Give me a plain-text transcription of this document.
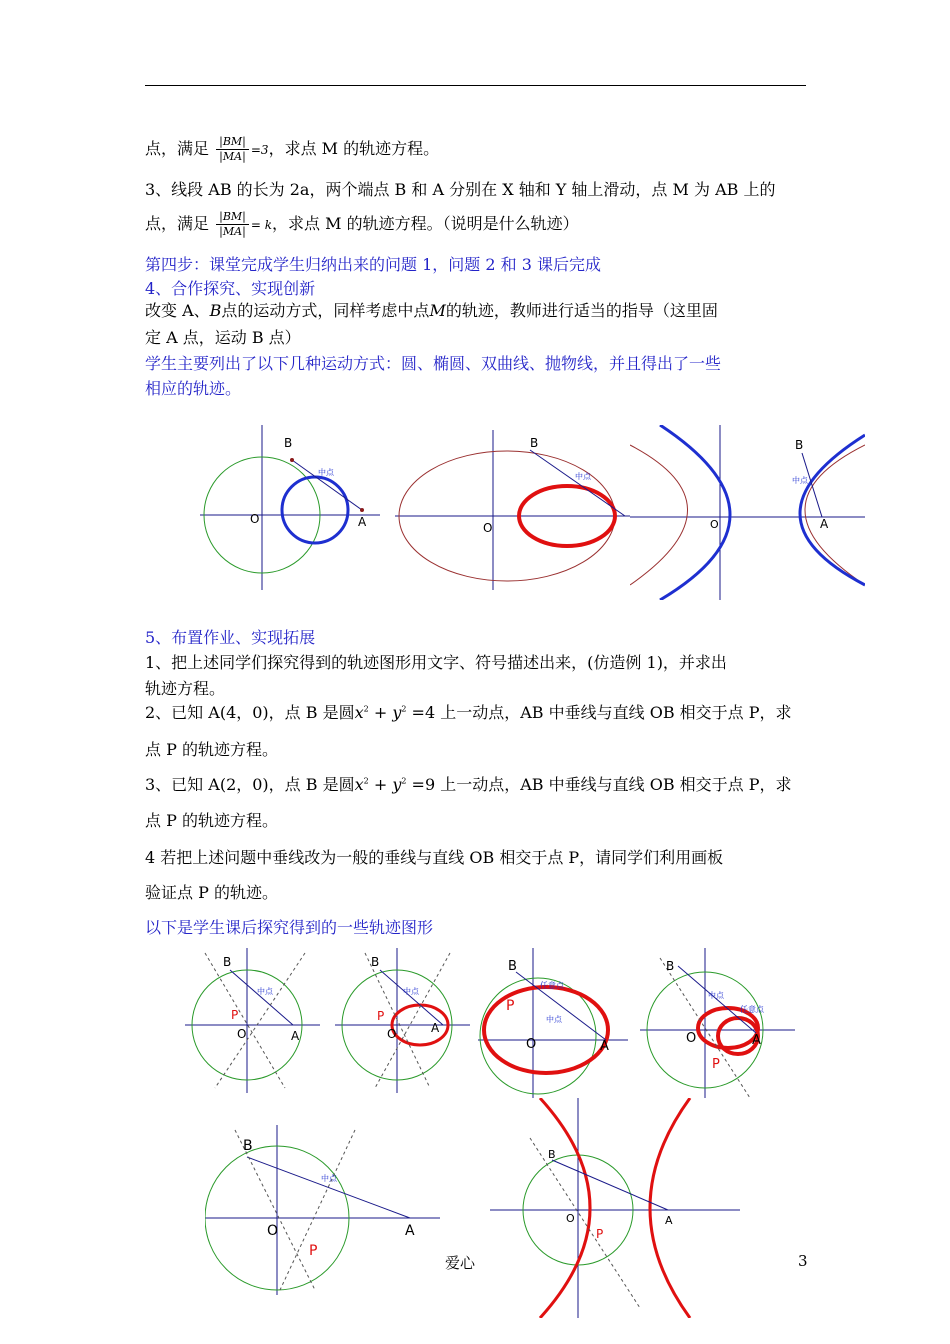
点，满足 $\frac{|BM|}{|MA|} =3$，求点 M 的轨迹方程。
3、线段 AB 的长为 2a，两个端点 B 和 A 分别在 X 轴和 Y 轴上滑动，点 M 为 AB 上的
点，满足 $\frac{|BM|}{|MA|} = k$，求点 M 的轨迹方程。（说明是什么轨迹）
第四步：课堂完成学生归纳出来的问题 1，问题 2 和 3 课后完成
4、合作探究、实现创新
改变 A、B点的运动方式，同样考虑中点M的轨迹，教师进行适当的指导（这里固
定 A 点，运动 B 点）
学生主要列出了以下几种运动方式：圆、椭圆、双曲线、抛物线，并且得出了一些
相应的轨迹。
B
A
O
中点
B
O
中点
B
A
O
中点
5、布置作业、实现拓展
1、把上述同学们探究得到的轨迹图形用文字、符号描述出来，(仿造例 1)，并求出
轨迹方程。
2、已知 A(4，0)，点 B 是圆$x^2 + y^2 =4$ 上一动点，AB 中垂线与直线 OB 相交于点 P，求
点 P 的轨迹方程。
3、已知 A(2，0)，点 B 是圆$x^2 + y^2 =9$ 上一动点，AB 中垂线与直线 OB 相交于点 P，求
点 P 的轨迹方程。
4 若把上述问题中垂线改为一般的垂线与直线 OB 相交于点 P，请同学们利用画板
验证点 P 的轨迹。
以下是学生课后探究得到的一些轨迹图形
B
A
O
P
中点
B
A
O
P
中点
B
A
O
P
任意点
中点
B
A
O
P
中点
任意点
B
A
O
P
中点
B
A
O
P
爱心	3
